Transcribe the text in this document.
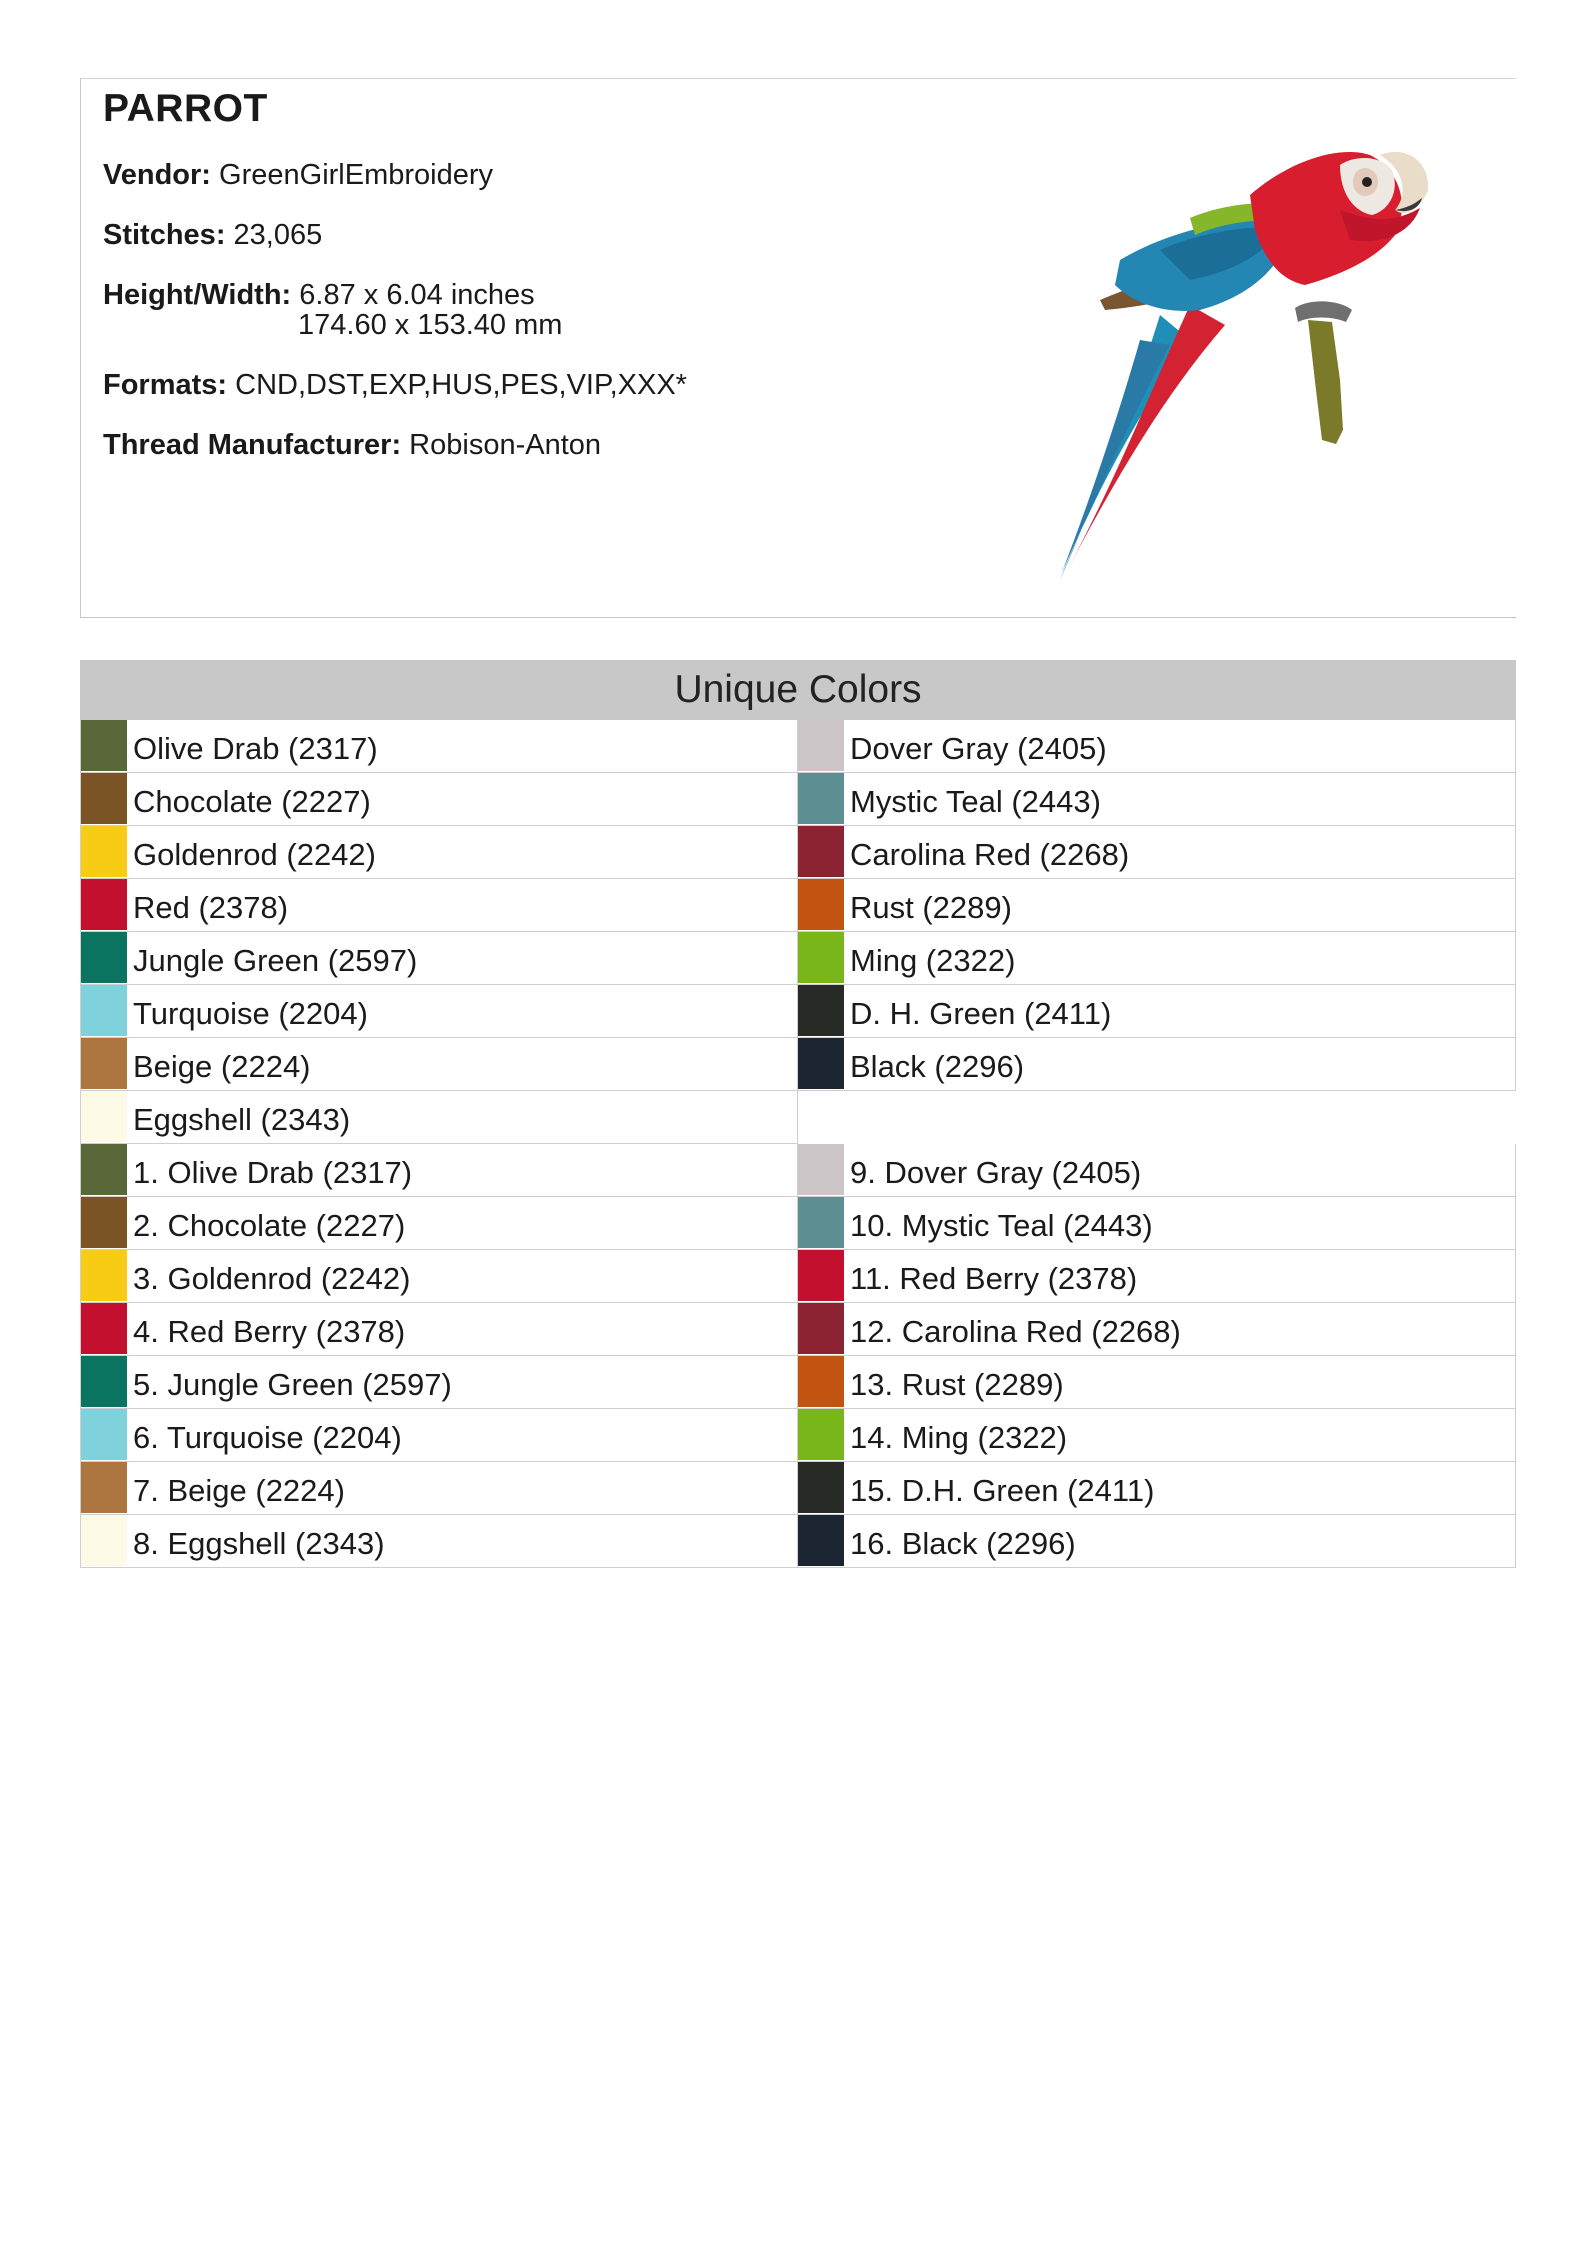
PARROT
Vendor: GreenGirlEmbroidery
Stitches: 23,065
Height/Width: 6.87 x 6.04 inches
174.60 x 153.40 mm
Formats: CND,DST,EXP,HUS,PES,VIP,XXX*
Thread Manufacturer: Robison-Anton
Unique Colors
Olive Drab (2317)
Chocolate (2227)
Goldenrod (2242)
Red (2378)
Jungle Green (2597)
Turquoise (2204)
Beige (2224)
Eggshell (2343)
Dover Gray (2405)
Mystic Teal (2443)
Carolina Red (2268)
Rust (2289)
Ming (2322)
D. H. Green (2411)
Black (2296)
1. Olive Drab (2317)
2. Chocolate (2227)
3. Goldenrod (2242)
4. Red Berry (2378)
5. Jungle Green (2597)
6. Turquoise (2204)
7. Beige (2224)
8. Eggshell (2343)
9. Dover Gray (2405)
10. Mystic Teal (2443)
11. Red Berry (2378)
12. Carolina Red (2268)
13. Rust (2289)
14. Ming (2322)
15. D.H. Green (2411)
16. Black (2296)
